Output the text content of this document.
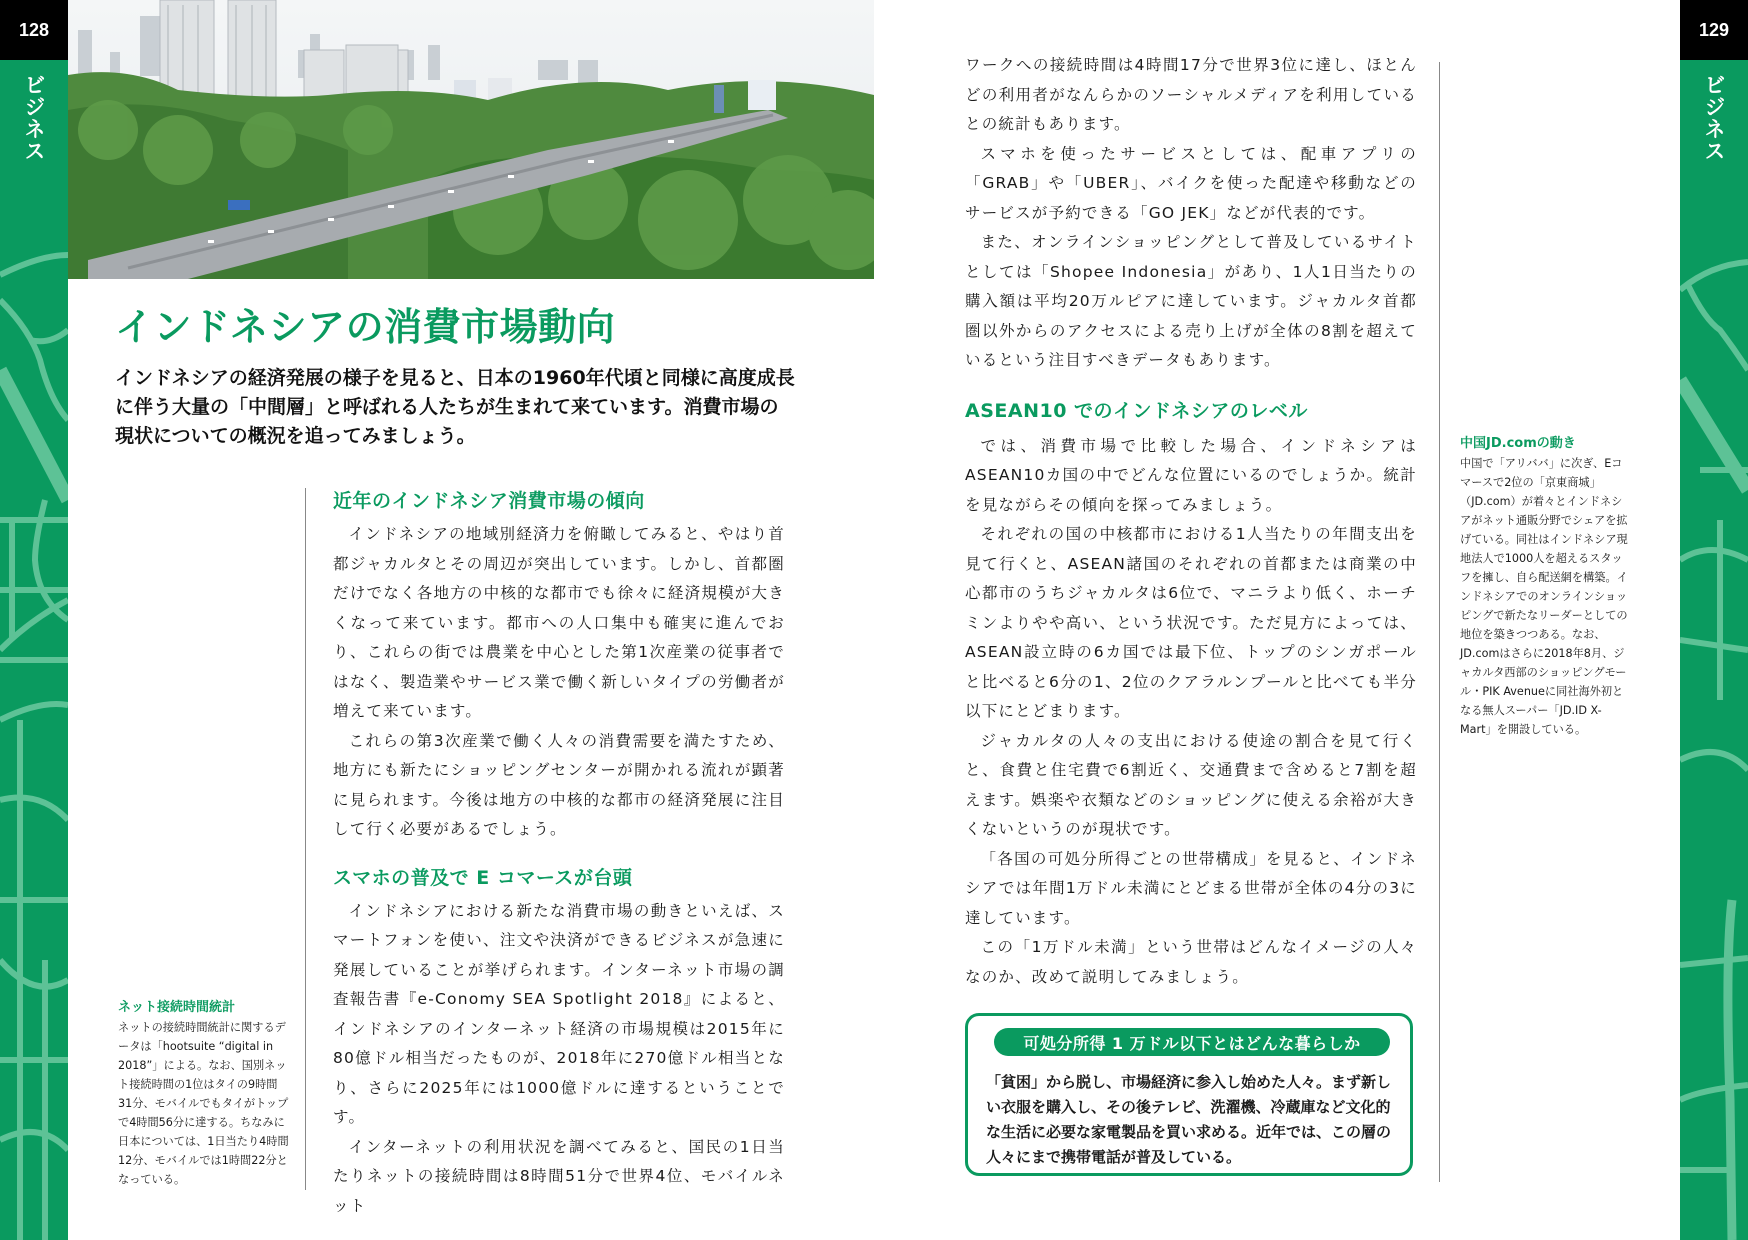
128
ビジネス
インドネシアの消費市場動向
インドネシアの経済発展の様子を見ると、日本の1960年代頃と同様に高度成長に伴う大量の「中間層」と呼ばれる人たちが生まれて来ています。消費市場の現状についての概況を追ってみましょう。
近年のインドネシア消費市場の傾向

インドネシアの地域別経済力を俯瞰してみると、やはり首都ジャカルタとその周辺が突出しています。しかし、首都圏だけでなく各地方の中核的な都市でも徐々に経済規模が大きくなって来ています。都市への人口集中も確実に進んでおり、これらの街では農業を中心とした第1次産業の従事者ではなく、製造業やサービス業で働く新しいタイプの労働者が増えて来ています。

これらの第3次産業で働く人々の消費需要を満たすため、地方にも新たにショッピングセンターが開かれる流れが顕著に見られます。今後は地方の中核的な都市の経済発展に注目して行く必要があるでしょう。

スマホの普及で E コマースが台頭

インドネシアにおける新たな消費市場の動きといえば、スマートフォンを使い、注文や決済ができるビジネスが急速に発展していることが挙げられます。インターネット市場の調査報告書『e-Conomy SEA Spotlight 2018』によると、インドネシアのインターネット経済の市場規模は2015年に80億ドル相当だったものが、2018年に270億ドル相当となり、さらに2025年には1000億ドルに達するということです。

インターネットの利用状況を調べてみると、国民の1日当たりネットの接続時間は8時間51分で世界4位、モバイルネット

ネット接続時間統計

ネットの接続時間統計に関するデータは「hootsuite “digital in 2018”」による。なお、国別ネット接続時間の1位はタイの9時間31分、モバイルでもタイがトップで4時間56分に達する。ちなみに日本については、1日当たり4時間12分、モバイルでは1時間22分となっている。

ワークへの接続時間は4時間17分で世界3位に達し、ほとんどの利用者がなんらかのソーシャルメディアを利用しているとの統計もあります。

スマホを使ったサービスとしては、配車アプリの「GRAB」や「UBER」、バイクを使った配達や移動などのサービスが予約できる「GO JEK」などが代表的です。

また、オンラインショッピングとして普及しているサイトとしては「Shopee Indonesia」があり、1人1日当たりの購入額は平均20万ルピアに達しています。ジャカルタ首都圏以外からのアクセスによる売り上げが全体の8割を超えているという注目すべきデータもあります。

ASEAN10 でのインドネシアのレベル

では、消費市場で比較した場合、インドネシアはASEAN10カ国の中でどんな位置にいるのでしょうか。統計を見ながらその傾向を探ってみましょう。

それぞれの国の中核都市における1人当たりの年間支出を見て行くと、ASEAN諸国のそれぞれの首都または商業の中心都市のうちジャカルタは6位で、マニラより低く、ホーチミンよりやや高い、という状況です。ただ見方によっては、ASEAN設立時の6カ国では最下位、トップのシンガポールと比べると6分の1、2位のクアラルンプールと比べても半分以下にとどまります。

ジャカルタの人々の支出における使途の割合を見て行くと、食費と住宅費で6割近く、交通費まで含めると7割を超えます。娯楽や衣類などのショッピングに使える余裕が大きくないというのが現状です。

「各国の可処分所得ごとの世帯構成」を見ると、インドネシアでは年間1万ドル未満にとどまる世帯が全体の4分の3に達しています。

この「1万ドル未満」という世帯はどんなイメージの人々なのか、改めて説明してみましょう。

可処分所得 1 万ドル以下とはどんな暮らしか
「貧困」から脱し、市場経済に参入し始めた人々。まず新しい衣服を購入し、その後テレビ、洗濯機、冷蔵庫など文化的な生活に必要な家電製品を買い求める。近年では、この層の人々にまで携帯電話が普及している。
中国JD.comの動き

中国で「アリババ」に次ぎ、Eコマースで2位の「京東商城」（JD.com）が着々とインドネシアがネット通販分野でシェアを拡げている。同社はインドネシア現地法人で1000人を超えるスタッフを擁し、自ら配送網を構築。インドネシアでのオンラインショッピングで新たなリーダーとしての地位を築きつつある。なお、JD.comはさらに2018年8月、ジャカルタ西部のショッピングモール・PIK Avenueに同社海外初となる無人スーパー「JD.ID X-Mart」を開設している。

129
ビジネス
